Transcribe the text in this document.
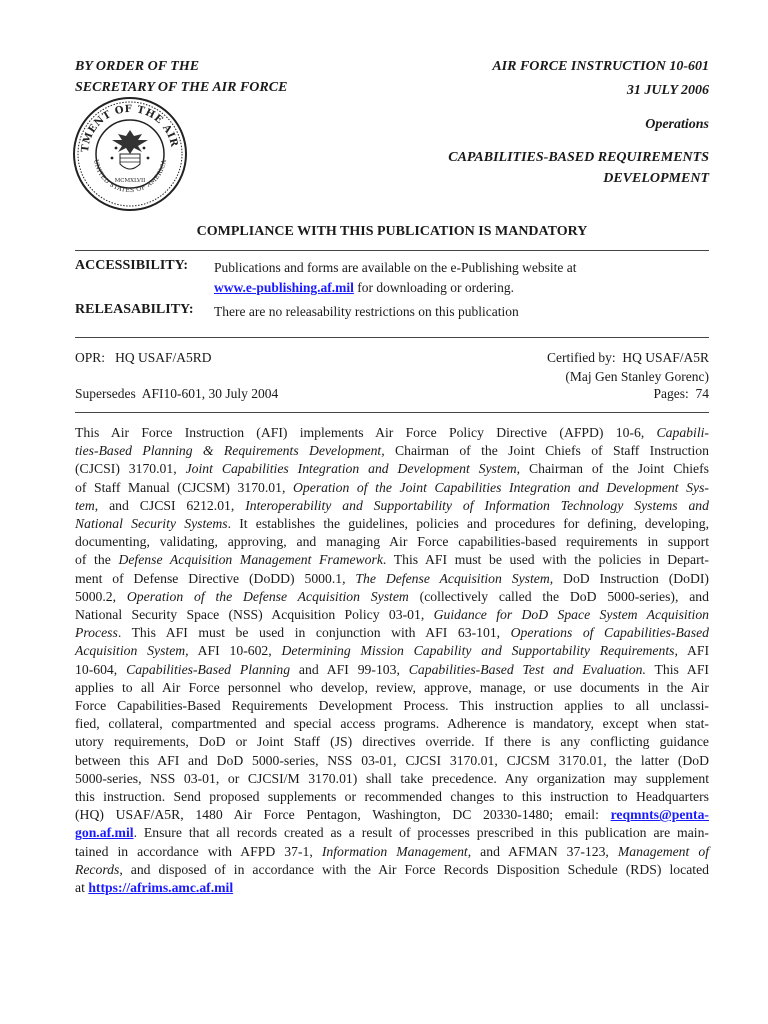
BY ORDER OF THE
SECRETARY OF THE AIR FORCE
AIR FORCE INSTRUCTION 10-601
31 JULY 2006
Operations
CAPABILITIES-BASED REQUIREMENTS
DEVELOPMENT
TMENT OF THE AIR
UNITED STATES OF AMERICA
MCMXLVII
COMPLIANCE WITH THIS PUBLICATION IS MANDATORY
ACCESSIBILITY: Publications and forms are available on the e-Publishing website at
www.e-publishing.af.mil for downloading or ordering.
RELEASABILITY: There are no releasability restrictions on this publication
OPR:   HQ USAF/A5RD	Certified by:  HQ USAF/A5R
(Maj Gen Stanley Gorenc)
Supersedes  AFI10-601, 30 July 2004	Pages:  74
This Air Force Instruction (AFI) implements Air Force Policy Directive (AFPD) 10-6, Capabili-
ties-Based Planning & Requirements Development, Chairman of the Joint Chiefs of Staff Instruction
(CJCSI) 3170.01, Joint Capabilities Integration and Development System, Chairman of the Joint Chiefs
of Staff Manual (CJCSM) 3170.01, Operation of the Joint Capabilities Integration and Development Sys-
tem, and CJCSI 6212.01, Interoperability and Supportability of Information Technology Systems and
National Security Systems. It establishes the guidelines, policies and procedures for defining, developing,
documenting, validating, approving, and managing Air Force capabilities-based requirements in support
of the Defense Acquisition Management Framework. This AFI must be used with the policies in Depart-
ment of Defense Directive (DoDD) 5000.1, The Defense Acquisition System, DoD Instruction (DoDI)
5000.2, Operation of the Defense Acquisition System (collectively called the DoD 5000-series), and
National Security Space (NSS) Acquisition Policy 03-01, Guidance for DoD Space System Acquisition
Process. This AFI must be used in conjunction with AFI 63-101, Operations of Capabilities-Based
Acquisition System, AFI 10-602, Determining Mission Capability and Supportability Requirements, AFI
10-604, Capabilities-Based Planning and AFI 99-103, Capabilities-Based Test and Evaluation. This AFI
applies to all Air Force personnel who develop, review, approve, manage, or use documents in the Air
Force Capabilities-Based Requirements Development Process. This instruction applies to all unclassi-
fied, collateral, compartmented and special access programs. Adherence is mandatory, except when stat-
utory requirements, DoD or Joint Staff (JS) directives override. If there is any conflicting guidance
between this AFI and DoD 5000-series, NSS 03-01, CJCSI 3170.01, CJCSM 3170.01, the latter (DoD
5000-series, NSS 03-01, or CJCSI/M 3170.01) shall take precedence. Any organization may supplement
this instruction. Send proposed supplements or recommended changes to this instruction to Headquarters
(HQ) USAF/A5R, 1480 Air Force Pentagon, Washington, DC 20330-1480; email: reqmnts@penta-
gon.af.mil. Ensure that all records created as a result of processes prescribed in this publication are main-
tained in accordance with AFPD 37-1, Information Management, and AFMAN 37-123, Management of
Records, and disposed of in accordance with the Air Force Records Disposition Schedule (RDS) located
at https://afrims.amc.af.mil
